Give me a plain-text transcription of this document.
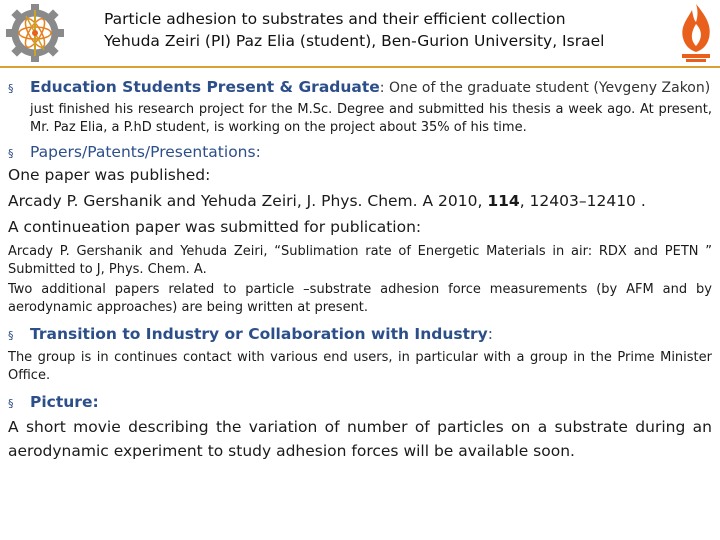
Particle adhesion to substrates and their efficient collection
Yehuda Zeiri (PI) Paz Elia (student), Ben-Gurion University, Israel
§	Education Students Present & Graduate: One of the graduate student (Yevgeny Zakon)
just finished his research project for the M.Sc. Degree and submitted his thesis a week ago. At present, Mr. Paz Elia, a P.hD student, is working on the project about 35% of his time.
§	Papers/Patents/Presentations:
One paper was published:
Arcady P. Gershanik and Yehuda Zeiri, J. Phys. Chem. A 2010, 114, 12403–12410 .
A continueation paper was submitted for publication:
Arcady P. Gershanik and Yehuda Zeiri, “Sublimation rate of Energetic Materials in air: RDX and PETN ” Submitted to J, Phys. Chem. A.
Two additional papers related to particle –substrate adhesion force measurements (by AFM and by aerodynamic approaches) are being written at present.
§	Transition to Industry or Collaboration with Industry:
The group is in continues contact with various end users, in particular with a group in the Prime Minister Office.
§	Picture:
A short movie describing the variation of number of particles on a substrate during an aerodynamic experiment to study adhesion forces will be available soon.
